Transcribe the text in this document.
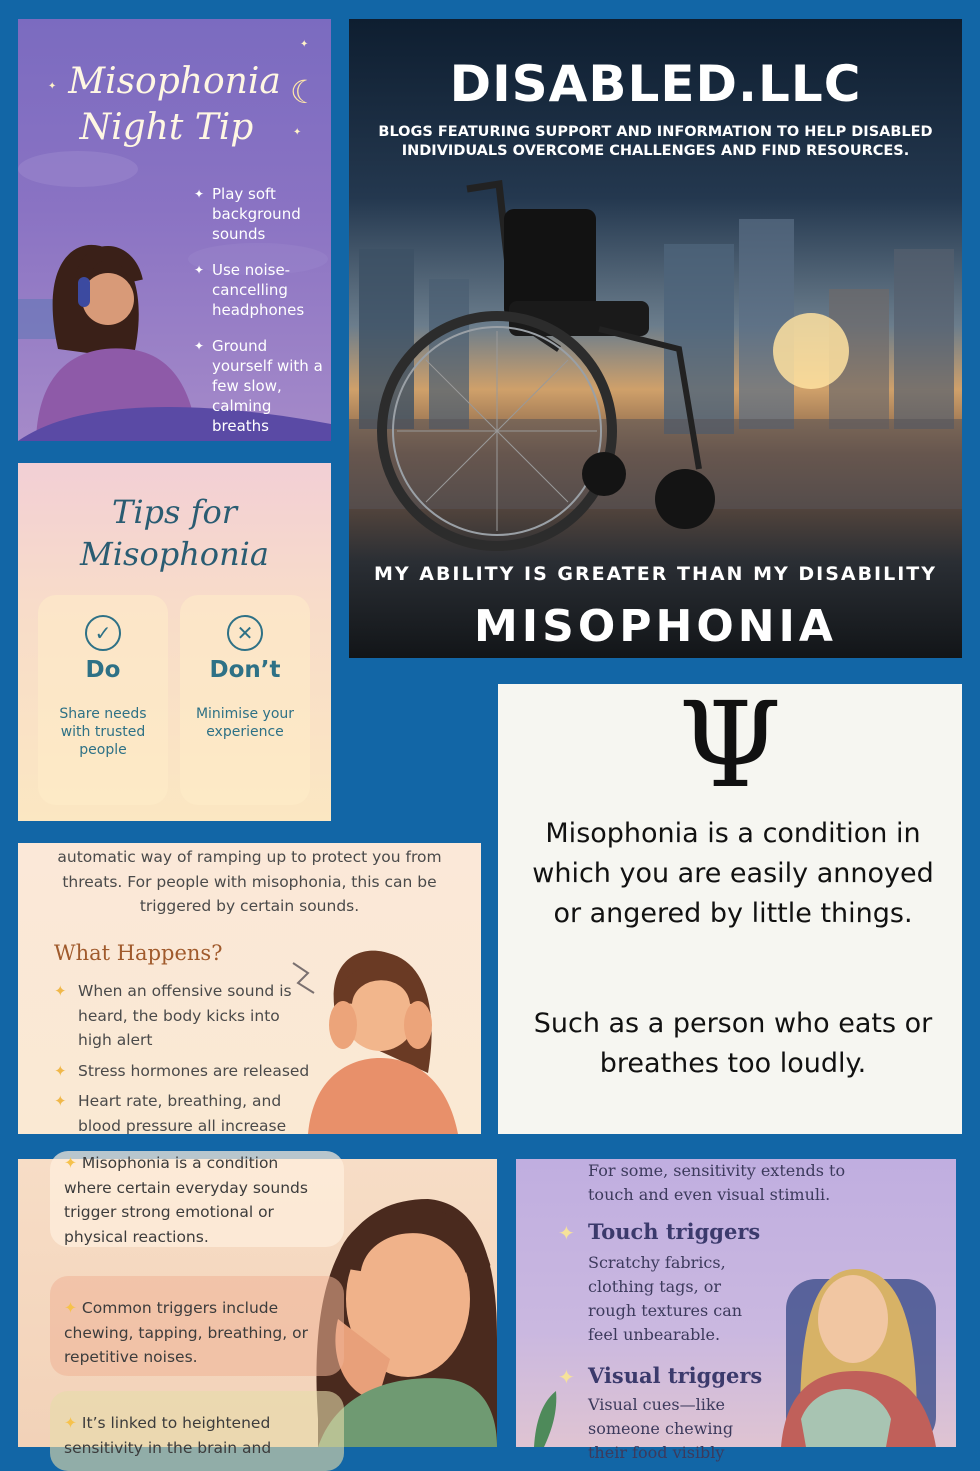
✦
✦
✦
☾
Misophonia
Night Tip
✦ Play soft background sounds
✦ Use noise-cancelling headphones
✦ Ground yourself with a few slow, calming breaths
DISABLED.LLC
BLOGS FEATURING SUPPORT AND INFORMATION TO HELP DISABLED
INDIVIDUALS OVERCOME CHALLENGES AND FIND RESOURCES.
MY ABILITY IS GREATER THAN MY DISABILITY
MISOPHONIA
Tips for
Misophonia
✓
Do
Share needs with trusted people
✕
Don’t
Minimise your experience	Ψ
Misophonia is a condition in which you are easily annoyed or angered by little things.
Such as a person who eats or breathes too loudly.
automatic way of ramping up to protect you from threats. For people with misophonia, this can be triggered by certain sounds.
What Happens?
✦ When an offensive sound is heard, the body kicks into high alert
✦ Stress hormones are released
✦ Heart rate, breathing, and blood pressure all increase
✦ Misophonia is a condition where certain everyday sounds trigger strong emotional or physical reactions.
✦ Common triggers include chewing, tapping, breathing, or repetitive noises.
✦ It’s linked to heightened sensitivity in the brain and
For some, sensitivity extends to touch and even visual stimuli.
✦ Touch triggers
Scratchy fabrics, clothing tags, or rough textures can feel unbearable.
✦ Visual triggers
Visual cues—like someone chewing their food visibly
